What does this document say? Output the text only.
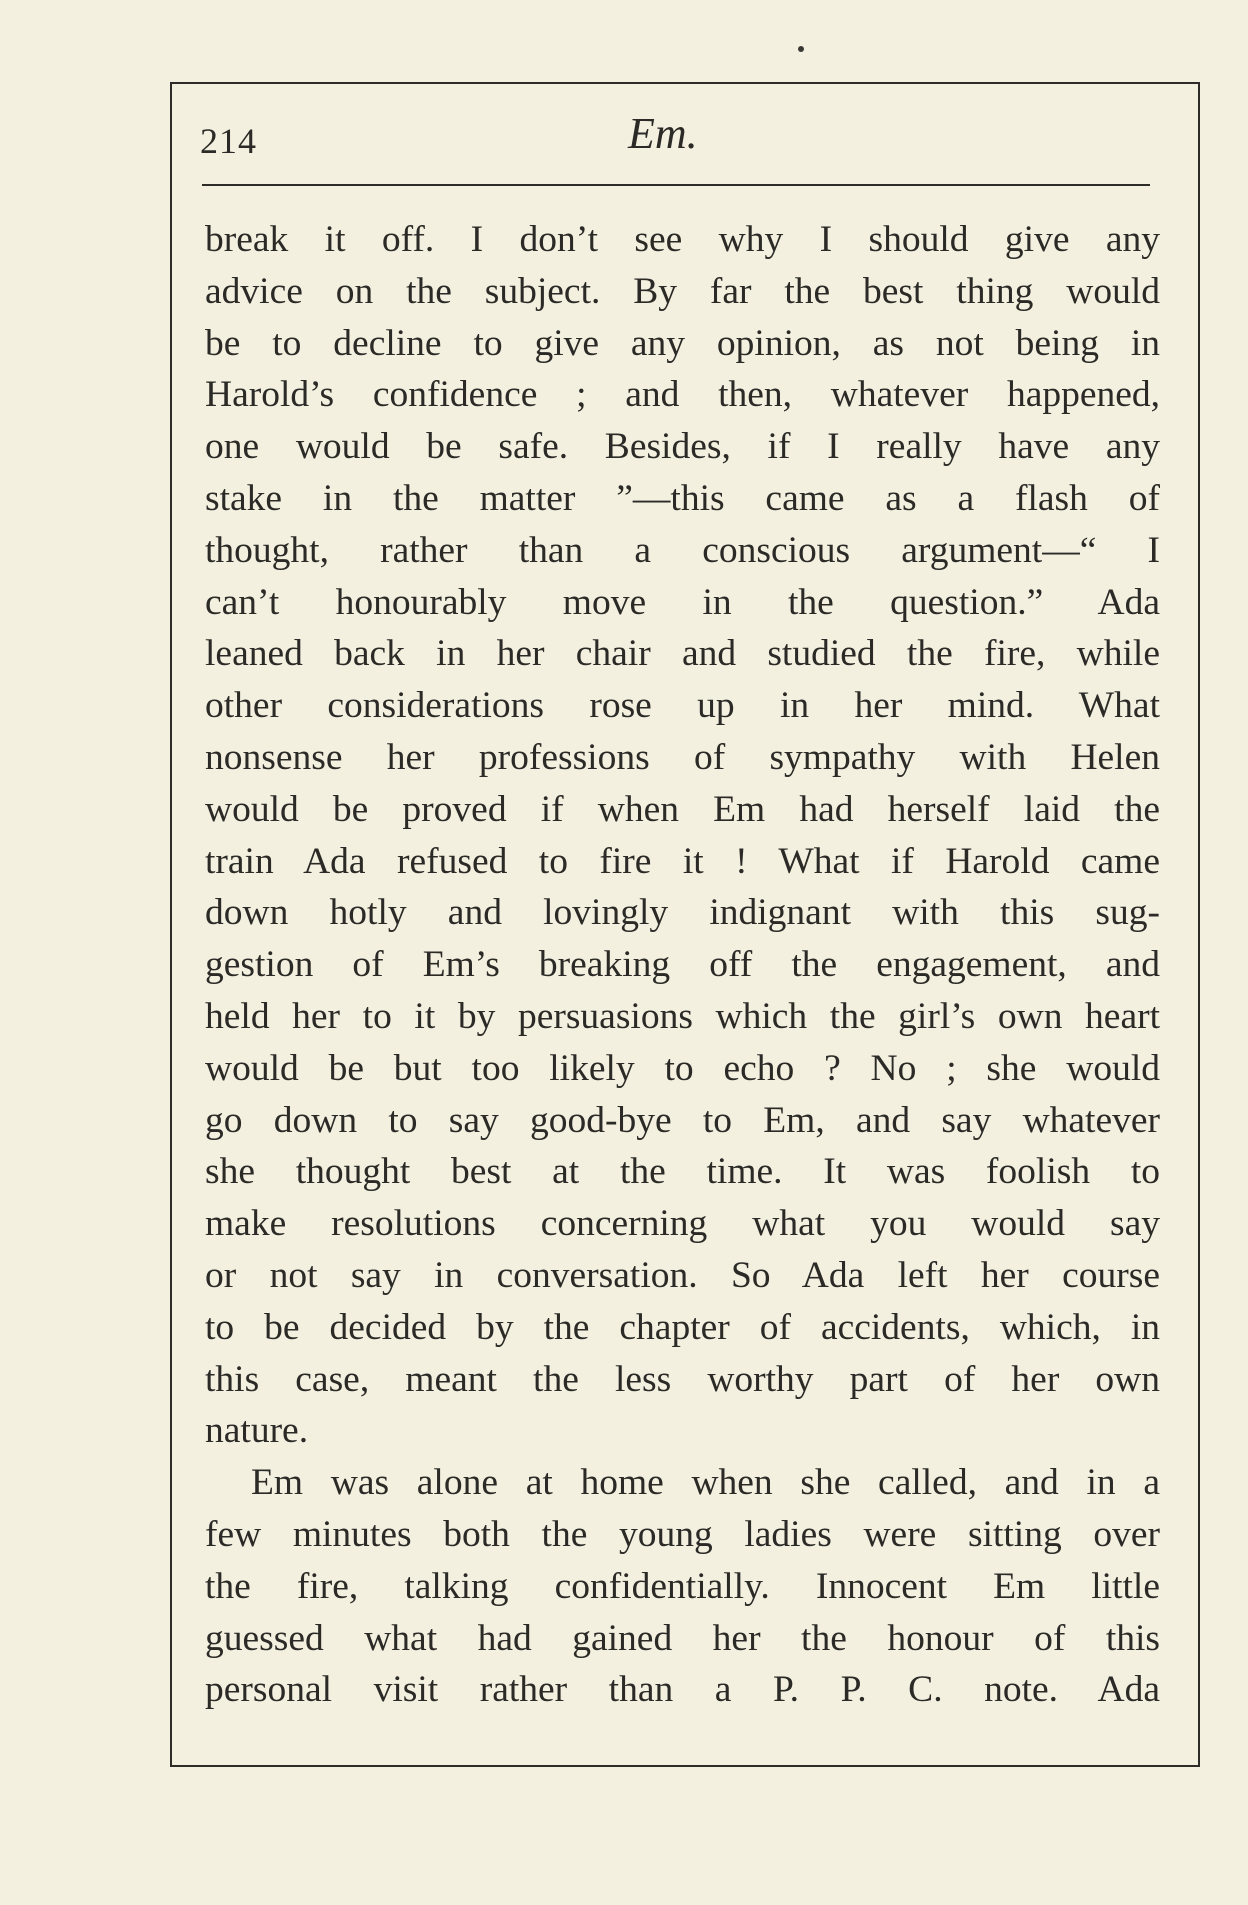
214	Em.
break it off. I don’t see why I should give any
advice on the subject. By far the best thing would
be to decline to give any opinion, as not being in
Harold’s confidence ; and then, whatever happened,
one would be safe. Besides, if I really have any
stake in the matter ”—this came as a flash of
thought, rather than a conscious argument—“ I
can’t honourably move in the question.” Ada
leaned back in her chair and studied the fire, while
other considerations rose up in her mind. What
nonsense her professions of sympathy with Helen
would be proved if when Em had herself laid the
train Ada refused to fire it ! What if Harold came
down hotly and lovingly indignant with this sug-
gestion of Em’s breaking off the engagement, and
held her to it by persuasions which the girl’s own heart
would be but too likely to echo ? No ; she would
go down to say good-bye to Em, and say whatever
she thought best at the time. It was foolish to
make resolutions concerning what you would say
or not say in conversation. So Ada left her course
to be decided by the chapter of accidents, which, in
this case, meant the less worthy part of her own
nature.
Em was alone at home when she called, and in a
few minutes both the young ladies were sitting over
the fire, talking confidentially. Innocent Em little
guessed what had gained her the honour of this
personal visit rather than a P. P. C. note. Ada
